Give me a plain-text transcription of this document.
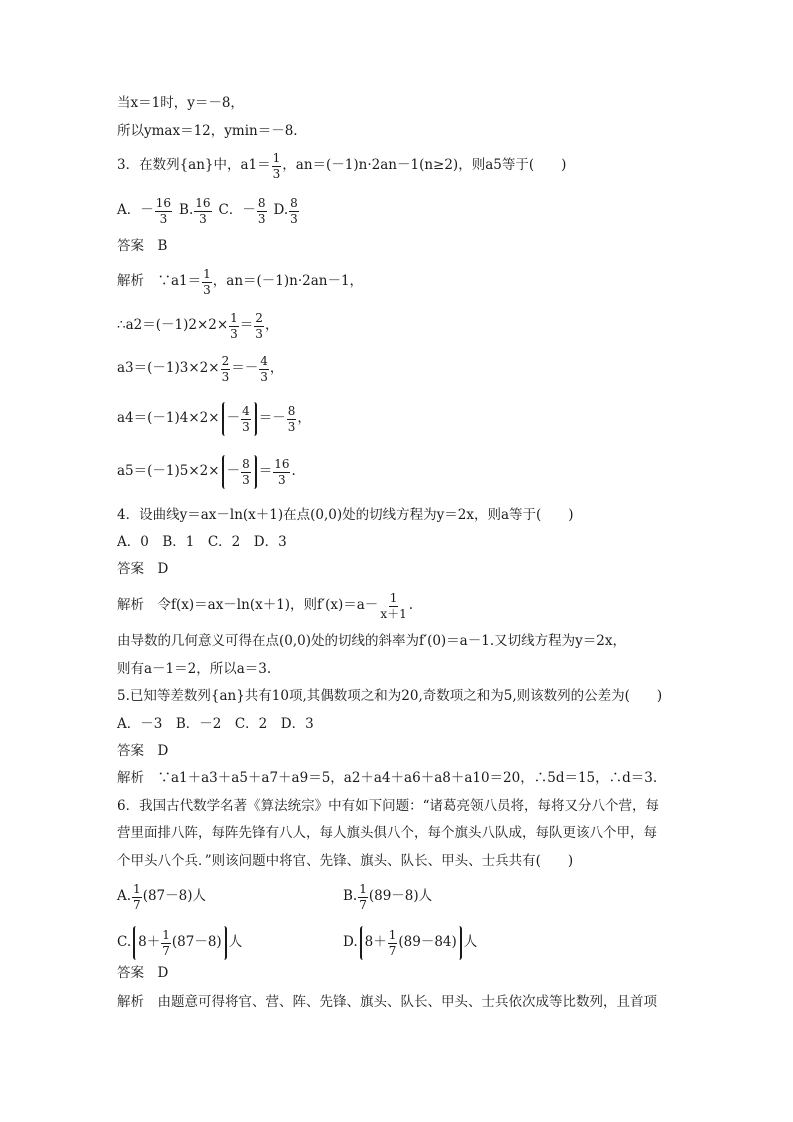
当x＝1时，y＝－8，
所以ymax＝12，ymin＝－8.
3．在数列{an}中，$a1= \frac{1}{3}$ ，an＝(－1)n·2an－1(n≥2)，则a5等于(　　)
A．－ $\frac{16}{3} B$. $\frac{16}{3}$ C．－ $\frac{8}{3} D$. $\frac{8}{3}$
答案　B
解析　∵a1＝ $\frac{1}{3}$ ，an＝(－1)n·2an－1，
∴a2＝(－1)2×2× $\frac{1}{3} = \frac{2}{3}$ ，
$a3=(-1)3\times 2\times \frac{2}{3} =- \frac{4}{3}$ ，
$a4=(-1)4\times 2\times - \frac{4}{3} =- \frac{8}{3}$ ，
$a5=(-1)5\times 2\times - \frac{8}{3} = \frac{16}{3}$ .
4．设曲线y＝ax－ln(x＋1)在点(0,0)处的切线方程为y＝2x，则a等于(　　)
A．0　B．1　C．2　D．3
答案　D
解析　令f(x)＝ax－ln(x＋1)，则$f'(x)=a- \frac{1}{x+1}$ .
由导数的几何意义可得在点(0,0)处的切线的斜率为f′(0)＝a－1.又切线方程为y＝2x，
则有a－1＝2，所以a＝3.
5.已知等差数列{an}共有10项,其偶数项之和为20,奇数项之和为5,则该数列的公差为(　　)
A．－3　B．－2　C．2　D．3
答案　D
解析　∵a1＋a3＋a5＋a7＋a9＝5，a2＋a4＋a6＋a8＋a10＝20，∴5d＝15，∴d＝3.
6．我国古代数学名著《算法统宗》中有如下问题：“诸葛亮领八员将，每将又分八个营，每
营里面排八阵，每阵先锋有八人，每人旗头俱八个，每个旗头八队成，每队更该八个甲，每
个甲头八个兵．”则该问题中将官、先锋、旗头、队长、甲头、士兵共有(　　)
A. $\frac{1}{7} (87-8)$人	B. $\frac{1}{7} (89-8)$人
C. $8+ \frac{1}{7} (87-8)$ 人	D. $8+ \frac{1}{7} (89-84)$ 人
答案　D
解析　由题意可得将官、营、阵、先锋、旗头、队长、甲头、士兵依次成等比数列，且首项
